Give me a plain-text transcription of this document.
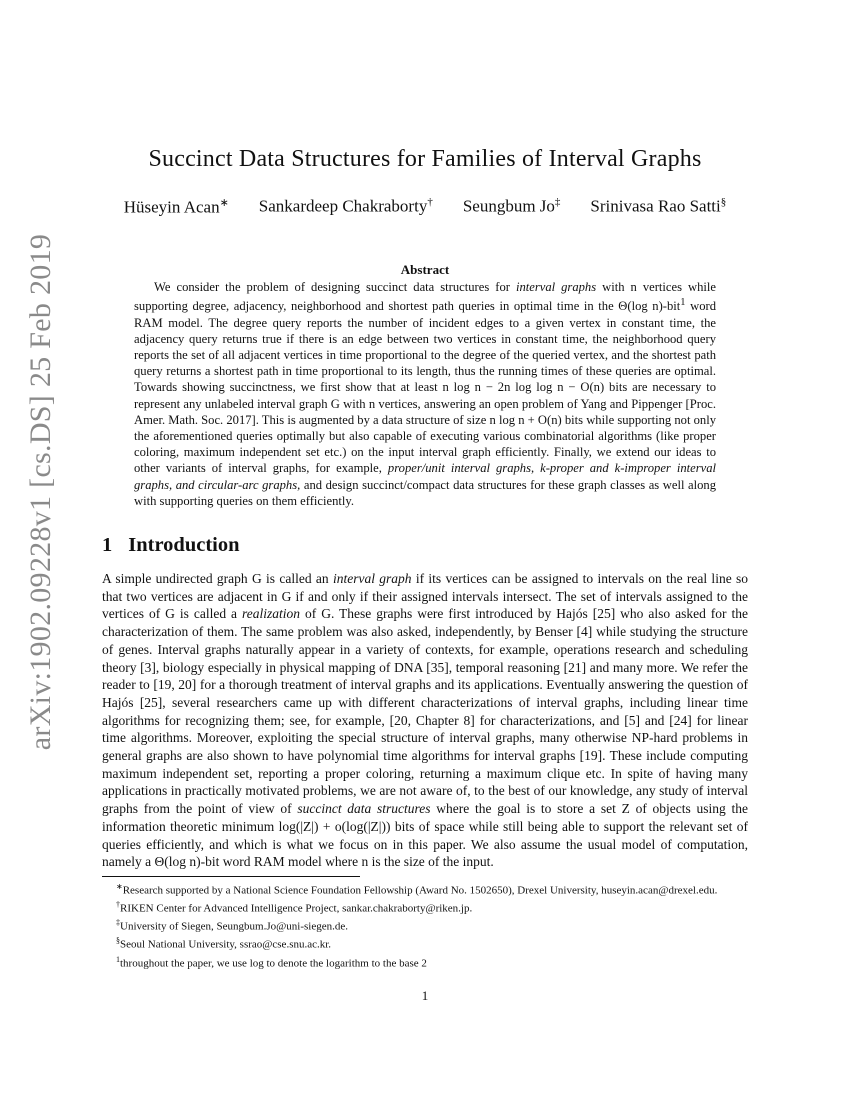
arXiv:1902.09228v1 [cs.DS] 25 Feb 2019
Succinct Data Structures for Families of Interval Graphs
Hüseyin Acan∗ Sankardeep Chakraborty† Seungbum Jo‡ Srinivasa Rao Satti§
Abstract

We consider the problem of designing succinct data structures for interval graphs with n vertices while supporting degree, adjacency, neighborhood and shortest path queries in optimal time in the Θ(log n)-bit$^1$ word RAM model. The degree query reports the number of incident edges to a given vertex in constant time, the adjacency query returns true if there is an edge between two vertices in constant time, the neighborhood query reports the set of all adjacent vertices in time proportional to the degree of the queried vertex, and the shortest path query returns a shortest path in time proportional to its length, thus the running times of these queries are optimal. Towards showing succinctness, we first show that at least n log n − 2n log log n − O(n) bits are necessary to represent any unlabeled interval graph G with n vertices, answering an open problem of Yang and Pippenger [Proc. Amer. Math. Soc. 2017]. This is augmented by a data structure of size n log n + O(n) bits while supporting not only the aforementioned queries optimally but also capable of executing various combinatorial algorithms (like proper coloring, maximum independent set etc.) on the input interval graph efficiently. Finally, we extend our ideas to other variants of interval graphs, for example, proper/unit interval graphs, k-proper and k-improper interval graphs, and circular-arc graphs, and design succinct/compact data structures for these graph classes as well along with supporting queries on them efficiently.

1 Introduction

A simple undirected graph G is called an interval graph if its vertices can be assigned to intervals on the real line so that two vertices are adjacent in G if and only if their assigned intervals intersect. The set of intervals assigned to the vertices of G is called a realization of G. These graphs were first introduced by Hajós [25] who also asked for the characterization of them. The same problem was also asked, independently, by Benser [4] while studying the structure of genes. Interval graphs naturally appear in a variety of contexts, for example, operations research and scheduling theory [3], biology especially in physical mapping of DNA [35], temporal reasoning [21] and many more. We refer the reader to [19, 20] for a thorough treatment of interval graphs and its applications. Eventually answering the question of Hajós [25], several researchers came up with different characterizations of interval graphs, including linear time algorithms for recognizing them; see, for example, [20, Chapter 8] for characterizations, and [5] and [24] for linear time algorithms. Moreover, exploiting the special structure of interval graphs, many otherwise NP-hard problems in general graphs are also shown to have polynomial time algorithms for interval graphs [19]. These include computing maximum independent set, reporting a proper coloring, returning a maximum clique etc. In spite of having many applications in practically motivated problems, we are not aware of, to the best of our knowledge, any study of interval graphs from the point of view of succinct data structures where the goal is to store a set Z of objects using the information theoretic minimum log(|Z|) + o(log(|Z|)) bits of space while still being able to support the relevant set of queries efficiently, and which is what we focus on in this paper. We also assume the usual model of computation, namely a Θ(log n)-bit word RAM model where n is the size of the input.

∗Research supported by a National Science Foundation Fellowship (Award No. 1502650), Drexel University, huseyin.acan@drexel.edu.

†RIKEN Center for Advanced Intelligence Project, sankar.chakraborty@riken.jp.

‡University of Siegen, Seungbum.Jo@uni-siegen.de.

§Seoul National University, ssrao@cse.snu.ac.kr.

$^1$throughout the paper, we use log to denote the logarithm to the base 2

1
